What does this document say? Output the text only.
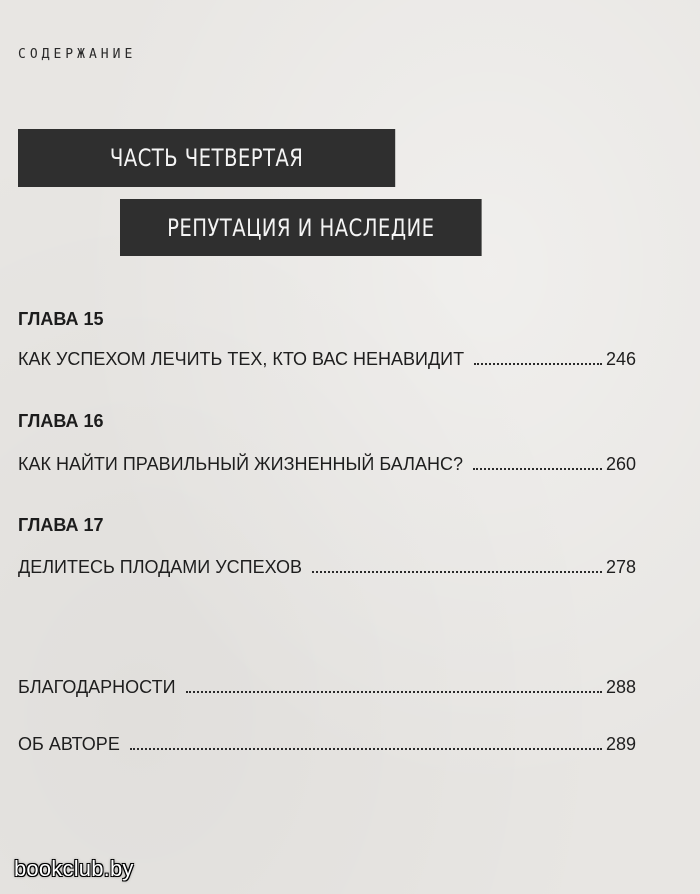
СОДЕРЖАНИЕ
ЧАСТЬ ЧЕТВЕРТАЯ
РЕПУТАЦИЯ И НАСЛЕДИЕ
ГЛАВА 15
КАК УСПЕХОМ ЛЕЧИТЬ ТЕХ, КТО ВАС НЕНАВИДИТ	246
ГЛАВА 16
КАК НАЙТИ ПРАВИЛЬНЫЙ ЖИЗНЕННЫЙ БАЛАНС?	260
ГЛАВА 17
ДЕЛИТЕСЬ ПЛОДАМИ УСПЕХОВ	278
БЛАГОДАРНОСТИ	288
ОБ АВТОРЕ	289
bookclub.by
